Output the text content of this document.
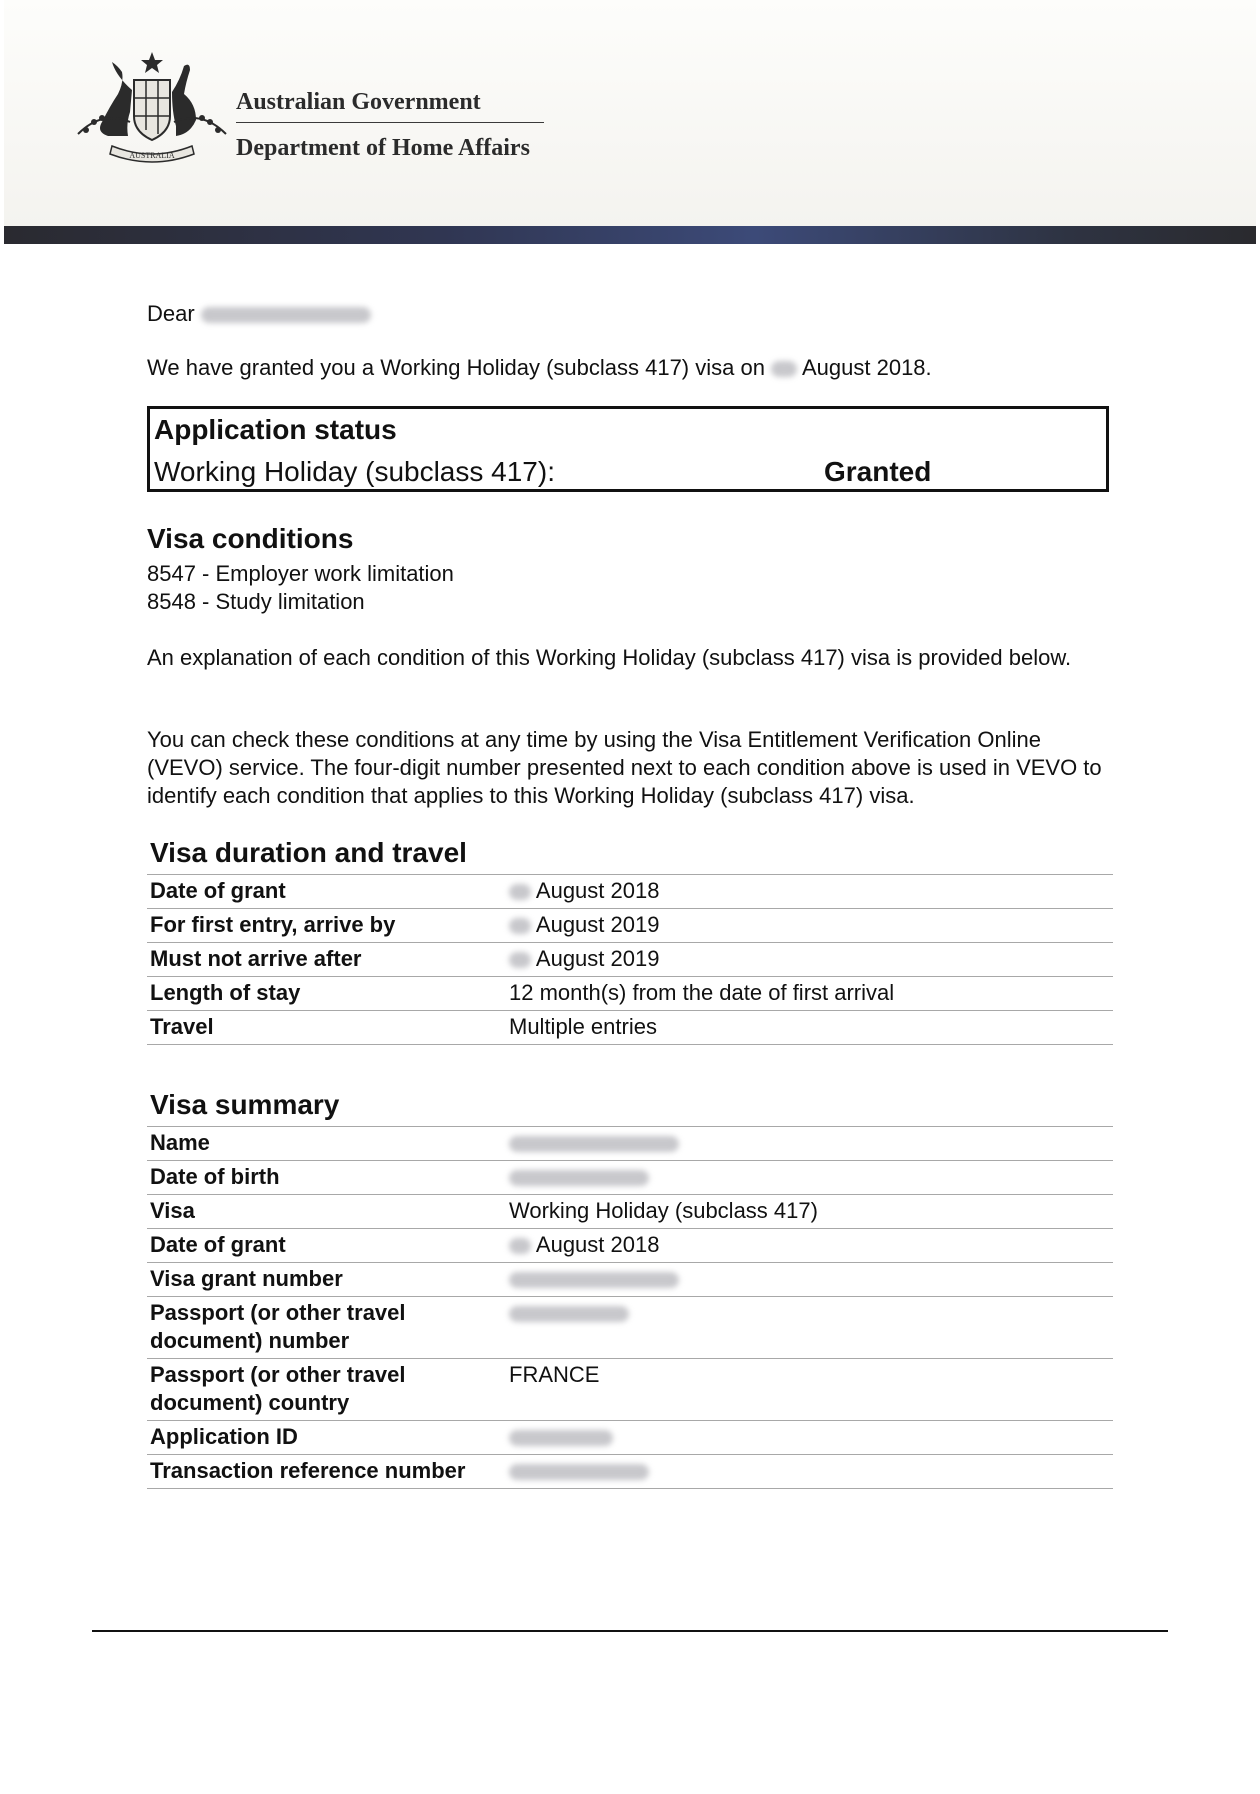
AUSTRALIA
Australian Government
Department of Home Affairs
Dear
We have granted you a Working Holiday (subclass 417) visa on August 2018.
Application status
Working Holiday (subclass 417):	Granted
Visa conditions
8547 - Employer work limitation
8548 - Study limitation

An explanation of each condition of this Working Holiday (subclass 417) visa is provided below.

You can check these conditions at any time by using the Visa Entitlement Verification Online (VEVO) service. The four-digit number presented next to each condition above is used in VEVO to identify each condition that applies to this Working Holiday (subclass 417) visa.

Visa duration and travel
Date of grant	August 2018
For first entry, arrive by	August 2019
Must not arrive after	August 2019
Length of stay	12 month(s) from the date of first arrival
Travel	Multiple entries
Visa summary
Name	
Date of birth	
Visa	Working Holiday (subclass 417)
Date of grant	August 2018
Visa grant number	
Passport (or other travel document) number	
Passport (or other travel document) country	FRANCE
Application ID	
Transaction reference number	
